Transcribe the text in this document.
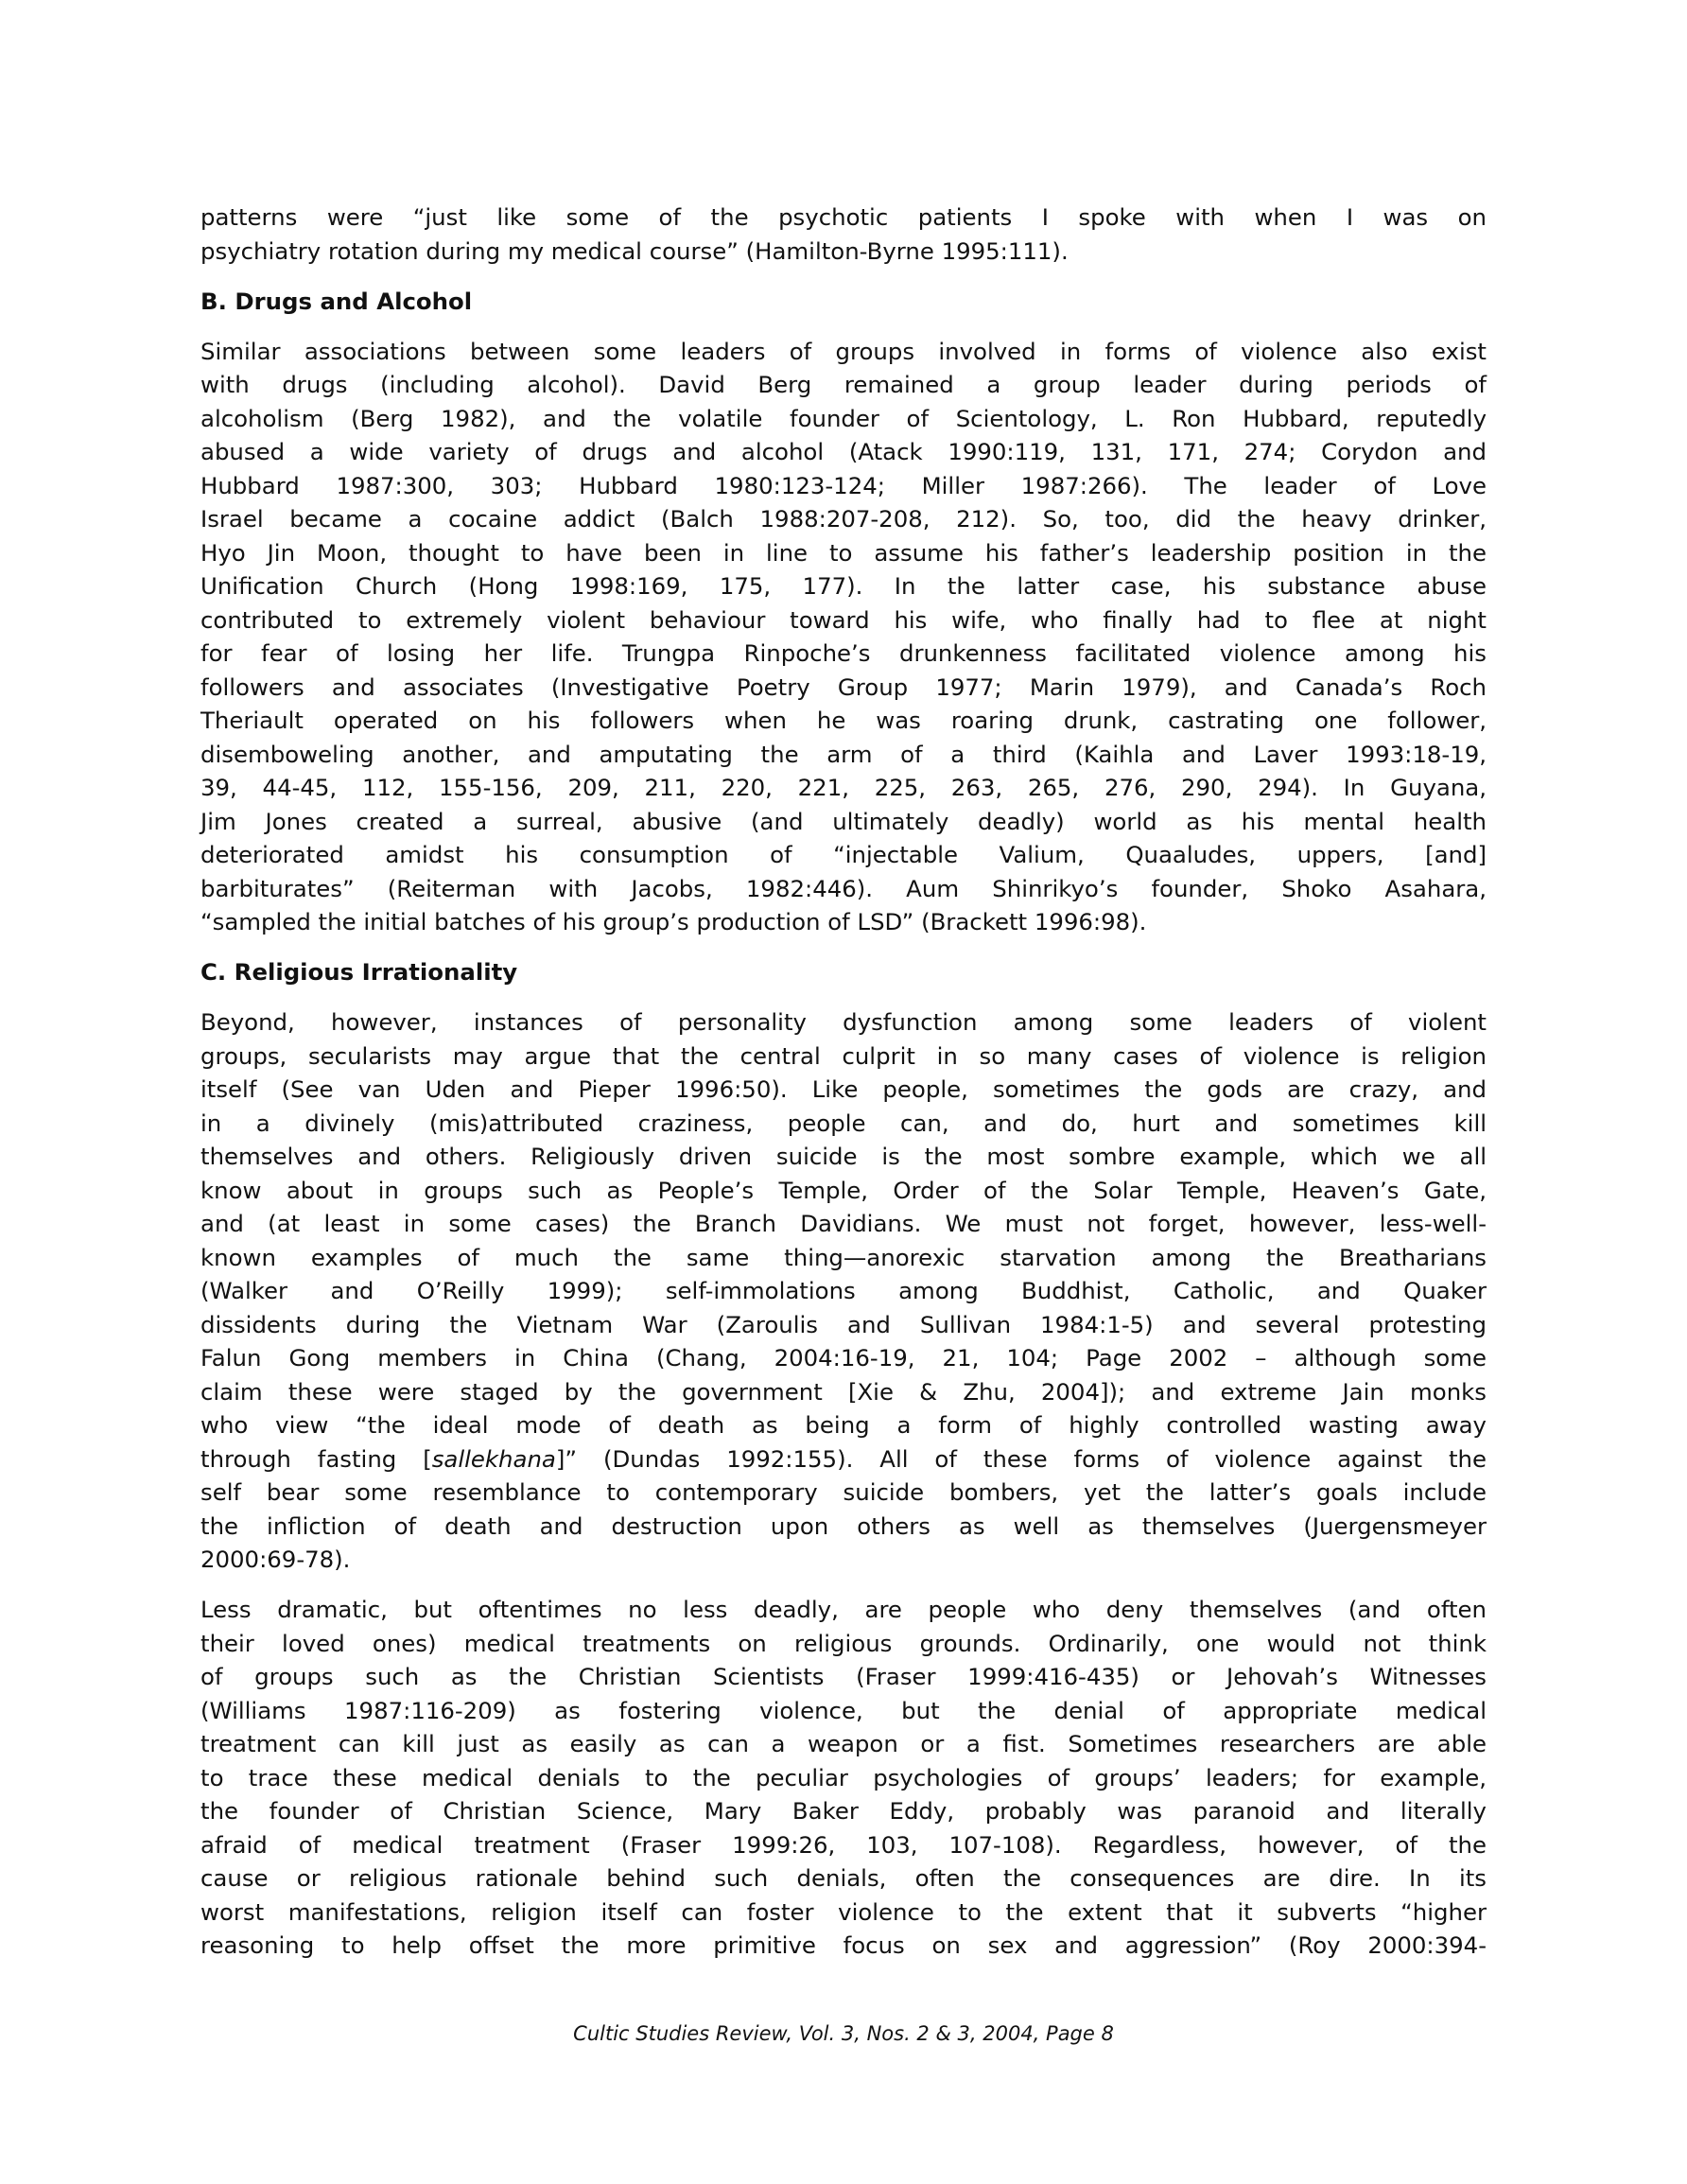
patterns were “just like some of the psychotic patients I spoke with when I was on
psychiatry rotation during my medical course” (Hamilton-Byrne 1995:111).
B. Drugs and Alcohol
Similar associations between some leaders of groups involved in forms of violence also exist
with drugs (including alcohol). David Berg remained a group leader during periods of
alcoholism (Berg 1982), and the volatile founder of Scientology, L. Ron Hubbard, reputedly
abused a wide variety of drugs and alcohol (Atack 1990:119, 131, 171, 274; Corydon and
Hubbard 1987:300, 303; Hubbard 1980:123-124; Miller 1987:266). The leader of Love
Israel became a cocaine addict (Balch 1988:207-208, 212). So, too, did the heavy drinker,
Hyo Jin Moon, thought to have been in line to assume his father’s leadership position in the
Unification Church (Hong 1998:169, 175, 177). In the latter case, his substance abuse
contributed to extremely violent behaviour toward his wife, who finally had to flee at night
for fear of losing her life. Trungpa Rinpoche’s drunkenness facilitated violence among his
followers and associates (Investigative Poetry Group 1977; Marin 1979), and Canada’s Roch
Theriault operated on his followers when he was roaring drunk, castrating one follower,
disemboweling another, and amputating the arm of a third (Kaihla and Laver 1993:18-19,
39, 44-45, 112, 155-156, 209, 211, 220, 221, 225, 263, 265, 276, 290, 294). In Guyana,
Jim Jones created a surreal, abusive (and ultimately deadly) world as his mental health
deteriorated amidst his consumption of “injectable Valium, Quaaludes, uppers, [and]
barbiturates” (Reiterman with Jacobs, 1982:446). Aum Shinrikyo’s founder, Shoko Asahara,
“sampled the initial batches of his group’s production of LSD” (Brackett 1996:98).
C. Religious Irrationality
Beyond, however, instances of personality dysfunction among some leaders of violent
groups, secularists may argue that the central culprit in so many cases of violence is religion
itself (See van Uden and Pieper 1996:50). Like people, sometimes the gods are crazy, and
in a divinely (mis)attributed craziness, people can, and do, hurt and sometimes kill
themselves and others. Religiously driven suicide is the most sombre example, which we all
know about in groups such as People’s Temple, Order of the Solar Temple, Heaven’s Gate,
and (at least in some cases) the Branch Davidians. We must not forget, however, less-well-
known examples of much the same thing—anorexic starvation among the Breatharians
(Walker and O’Reilly 1999); self-immolations among Buddhist, Catholic, and Quaker
dissidents during the Vietnam War (Zaroulis and Sullivan 1984:1-5) and several protesting
Falun Gong members in China (Chang, 2004:16-19, 21, 104; Page 2002 – although some
claim these were staged by the government [Xie & Zhu, 2004]); and extreme Jain monks
who view “the ideal mode of death as being a form of highly controlled wasting away
through fasting [sallekhana]” (Dundas 1992:155). All of these forms of violence against the
self bear some resemblance to contemporary suicide bombers, yet the latter’s goals include
the infliction of death and destruction upon others as well as themselves (Juergensmeyer
2000:69-78).
Less dramatic, but oftentimes no less deadly, are people who deny themselves (and often
their loved ones) medical treatments on religious grounds. Ordinarily, one would not think
of groups such as the Christian Scientists (Fraser 1999:416-435) or Jehovah’s Witnesses
(Williams 1987:116-209) as fostering violence, but the denial of appropriate medical
treatment can kill just as easily as can a weapon or a fist. Sometimes researchers are able
to trace these medical denials to the peculiar psychologies of groups’ leaders; for example,
the founder of Christian Science, Mary Baker Eddy, probably was paranoid and literally
afraid of medical treatment (Fraser 1999:26, 103, 107-108). Regardless, however, of the
cause or religious rationale behind such denials, often the consequences are dire. In its
worst manifestations, religion itself can foster violence to the extent that it subverts “higher
reasoning to help offset the more primitive focus on sex and aggression” (Roy 2000:394-
Cultic Studies Review, Vol. 3, Nos. 2 & 3, 2004, Page 8
